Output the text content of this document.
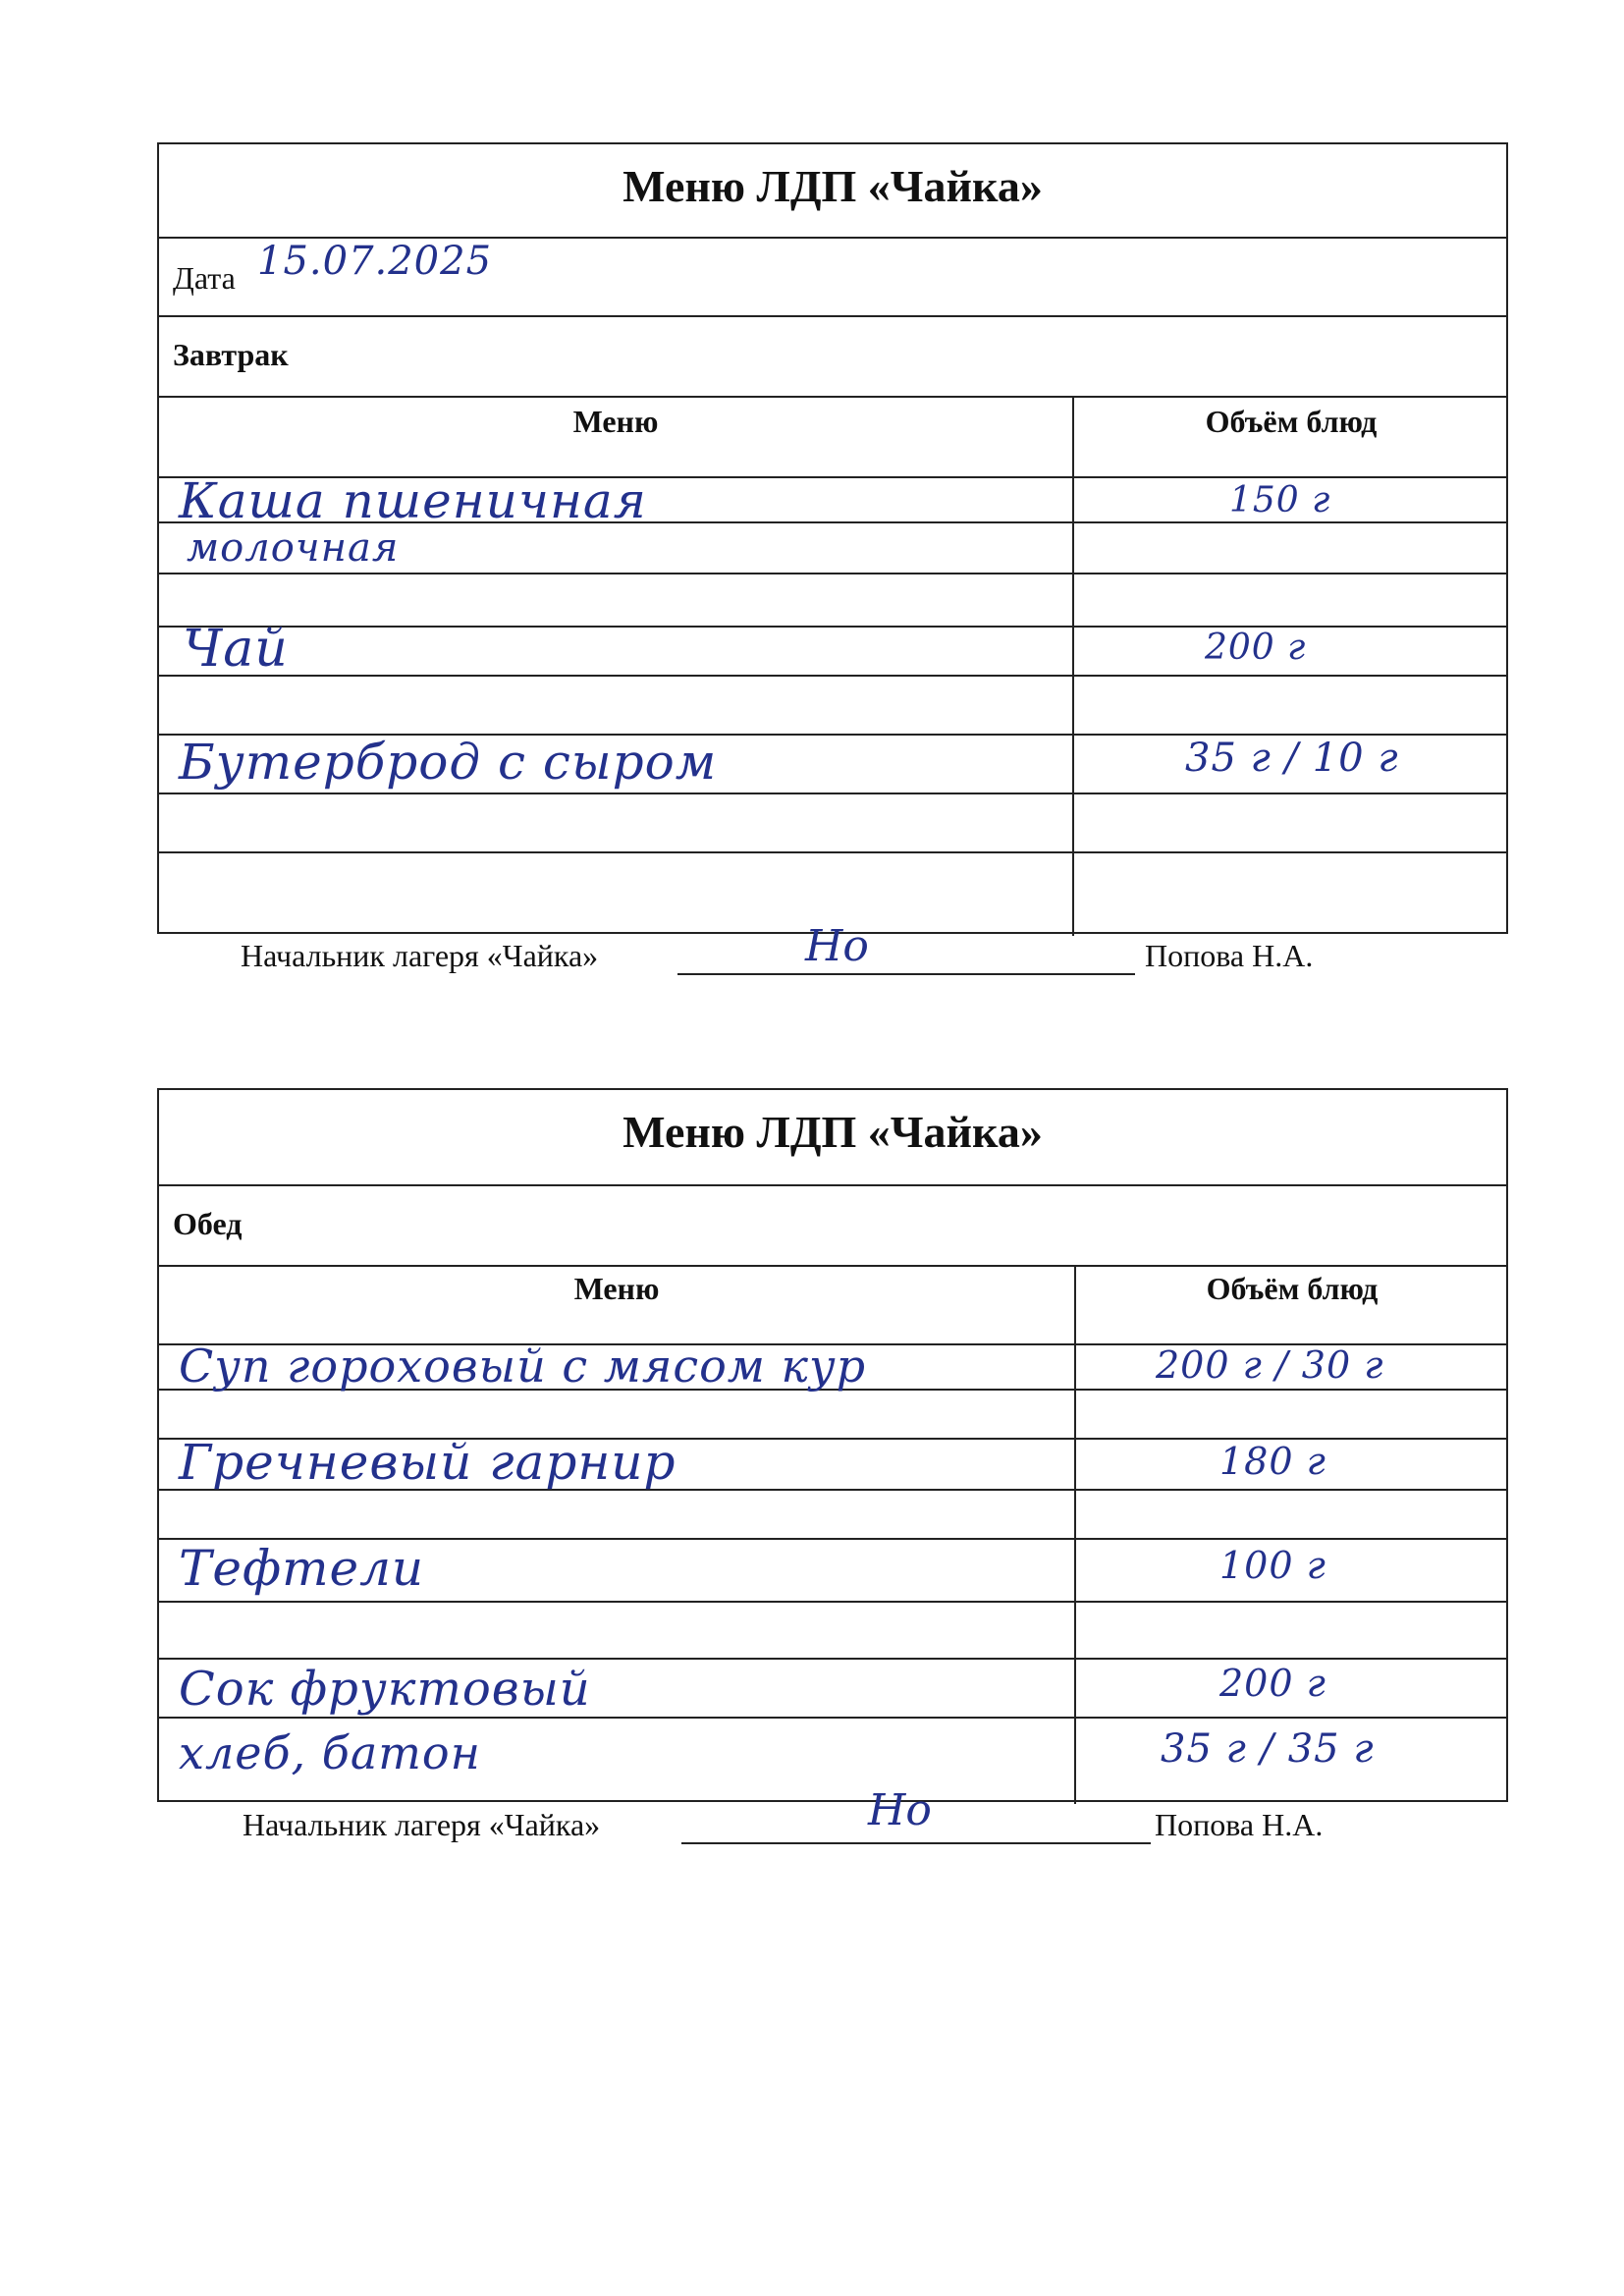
Меню ЛДП «Чайка»
Дата 15.07.2025
Завтрак
Меню	Объём блюд
Каша пшеничная	150 г
молочная
Чай	200 г
Бутерброд с сыром	35 г / 10 г
Начальник лагеря «Чайка»	Но	Попова Н.А.
Меню ЛДП «Чайка»
Обед
Меню	Объём блюд
Суп гороховый с мясом кур	200 г / 30 г
Гречневый гарнир	180 г
Тефтели	100 г
Сок фруктовый	200 г
хлеб, батон	35 г / 35 г
Начальник лагеря «Чайка»	Но	Попова Н.А.
